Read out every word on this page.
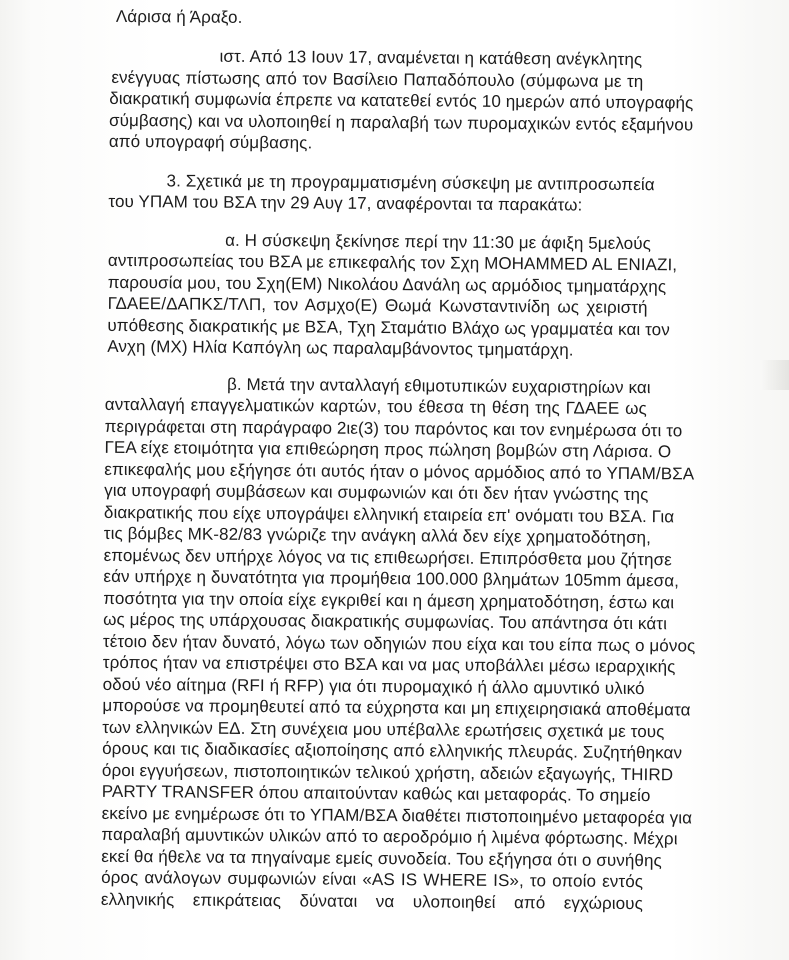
Λάρισα ή Άραξο.
ιστ. Από 13 Ιουν 17, αναμένεται η κατάθεση ανέγκλητης
ενέγγυας πίστωσης από τον Βασίλειο Παπαδόπουλο (σύμφωνα με τη
διακρατική συμφωνία έπρεπε να κατατεθεί εντός 10 ημερών από υπογραφής
σύμβασης) και να υλοποιηθεί η παραλαβή των πυρομαχικών εντός εξαμήνου
από υπογραφή σύμβασης.
3. Σχετικά με τη προγραμματισμένη σύσκεψη με αντιπροσωπεία
του ΥΠΑΜ του ΒΣΑ την 29 Αυγ 17, αναφέρονται τα παρακάτω:
α. Η σύσκεψη ξεκίνησε περί την 11:30 με άφιξη 5μελούς
αντιπροσωπείας του ΒΣΑ με επικεφαλής τον Σχη MOHAMMED AL ENIAZI,
παρουσία μου, του Σχη(ΕΜ) Νικολάου Δανάλη ως αρμόδιος τμηματάρχης
ΓΔΑΕΕ/ΔΑΠΚΣ/ΤΛΠ, τον Ασμχο(Ε) Θωμά Κωνσταντινίδη ως χειριστή
υπόθεσης διακρατικής με ΒΣΑ, Τχη Σταμάτιο Βλάχο ως γραμματέα και τον
Ανχη (ΜΧ) Ηλία Καπόγλη ως παραλαμβάνοντος τμηματάρχη.
β. Μετά την ανταλλαγή εθιμοτυπικών ευχαριστηρίων και
ανταλλαγή επαγγελματικών καρτών, του έθεσα τη θέση της ΓΔΑΕΕ ως
περιγράφεται στη παράγραφο 2ιε(3) του παρόντος και τον ενημέρωσα ότι το
ΓΕΑ είχε ετοιμότητα για επιθεώρηση προς πώληση βομβών στη Λάρισα. Ο
επικεφαλής μου εξήγησε ότι αυτός ήταν ο μόνος αρμόδιος από το ΥΠΑΜ/ΒΣΑ
για υπογραφή συμβάσεων και συμφωνιών και ότι δεν ήταν γνώστης της
διακρατικής που είχε υπογράψει ελληνική εταιρεία επ' ονόματι του ΒΣΑ. Για
τις βόμβες ΜΚ-82/83 γνώριζε την ανάγκη αλλά δεν είχε χρηματοδότηση,
επομένως δεν υπήρχε λόγος να τις επιθεωρήσει. Επιπρόσθετα μου ζήτησε
εάν υπήρχε η δυνατότητα για προμήθεια 100.000 βλημάτων 105mm άμεσα,
ποσότητα για την οποία είχε εγκριθεί και η άμεση χρηματοδότηση, έστω και
ως μέρος της υπάρχουσας διακρατικής συμφωνίας. Του απάντησα ότι κάτι
τέτοιο δεν ήταν δυνατό, λόγω των οδηγιών που είχα και του είπα πως ο μόνος
τρόπος ήταν να επιστρέψει στο ΒΣΑ και να μας υποβάλλει μέσω ιεραρχικής
οδού νέο αίτημα (RFI ή RFP) για ότι πυρομαχικό ή άλλο αμυντικό υλικό
μπορούσε να προμηθευτεί από τα εύχρηστα και μη επιχειρησιακά αποθέματα
των ελληνικών ΕΔ. Στη συνέχεια μου υπέβαλλε ερωτήσεις σχετικά με τους
όρους και τις διαδικασίες αξιοποίησης από ελληνικής πλευράς. Συζητήθηκαν
όροι εγγυήσεων, πιστοποιητικών τελικού χρήστη, αδειών εξαγωγής, THIRD
PARTY TRANSFER όπου απαιτούνταν καθώς και μεταφοράς. Το σημείο
εκείνο με ενημέρωσε ότι το ΥΠΑΜ/ΒΣΑ διαθέτει πιστοποιημένο μεταφορέα για
παραλαβή αμυντικών υλικών από το αεροδρόμιο ή λιμένα φόρτωσης. Μέχρι
εκεί θα ήθελε να τα πηγαίναμε εμείς συνοδεία. Του εξήγησα ότι ο συνήθης
όρος ανάλογων συμφωνιών είναι «AS IS WHERE IS», το οποίο εντός
ελληνικής επικράτειας δύναται να υλοποιηθεί από εγχώριους
